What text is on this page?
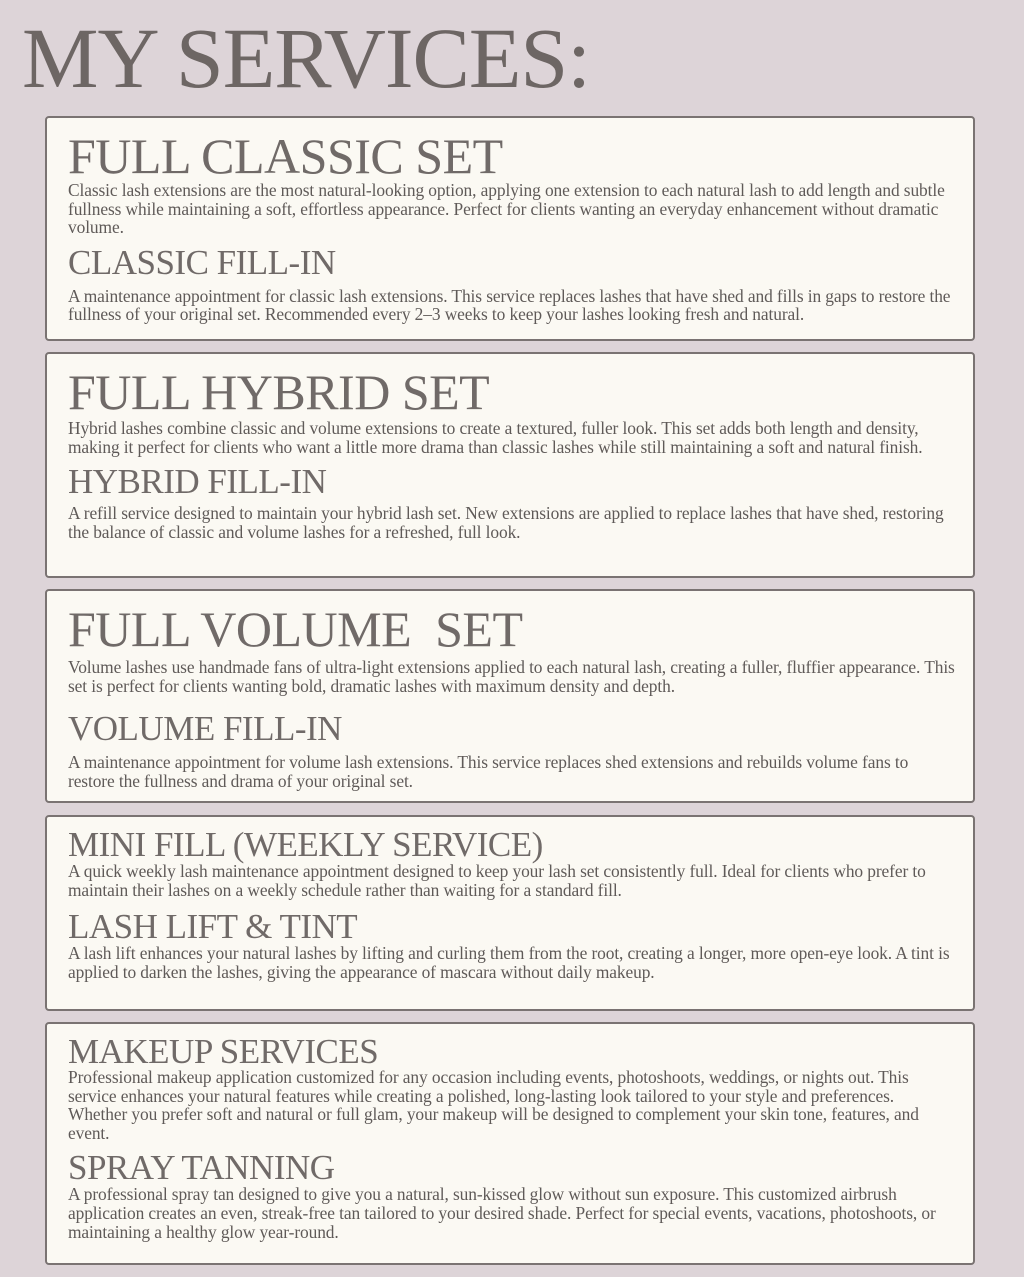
MY SERVICES:
FULL CLASSIC SET

Classic lash extensions are the most natural-looking option, applying one extension to each natural lash to add length and subtle fullness while maintaining a soft, effortless appearance. Perfect for clients wanting an everyday enhancement without dramatic volume.

CLASSIC FILL-IN

A maintenance appointment for classic lash extensions. This service replaces lashes that have shed and fills in gaps to restore the fullness of your original set. Recommended every 2–3 weeks to keep your lashes looking fresh and natural.

FULL HYBRID SET

Hybrid lashes combine classic and volume extensions to create a textured, fuller look. This set adds both length and density, making it perfect for clients who want a little more drama than classic lashes while still maintaining a soft and natural finish.

HYBRID FILL-IN

A refill service designed to maintain your hybrid lash set. New extensions are applied to replace lashes that have shed, restoring the balance of classic and volume lashes for a refreshed, full look.

FULL VOLUME  SET

Volume lashes use handmade fans of ultra-light extensions applied to each natural lash, creating a fuller, fluffier appearance. This set is perfect for clients wanting bold, dramatic lashes with maximum density and depth.

VOLUME FILL-IN

A maintenance appointment for volume lash extensions. This service replaces shed extensions and rebuilds volume fans to restore the fullness and drama of your original set.

MINI FILL (WEEKLY SERVICE)

A quick weekly lash maintenance appointment designed to keep your lash set consistently full. Ideal for clients who prefer to maintain their lashes on a weekly schedule rather than waiting for a standard fill.

LASH LIFT & TINT

A lash lift enhances your natural lashes by lifting and curling them from the root, creating a longer, more open-eye look. A tint is applied to darken the lashes, giving the appearance of mascara without daily makeup.

MAKEUP SERVICES

Professional makeup application customized for any occasion including events, photoshoots, weddings, or nights out. This service enhances your natural features while creating a polished, long-lasting look tailored to your style and preferences. Whether you prefer soft and natural or full glam, your makeup will be designed to complement your skin tone, features, and event.

SPRAY TANNING

A professional spray tan designed to give you a natural, sun-kissed glow without sun exposure. This customized airbrush application creates an even, streak-free tan tailored to your desired shade. Perfect for special events, vacations, photoshoots, or maintaining a healthy glow year-round.
